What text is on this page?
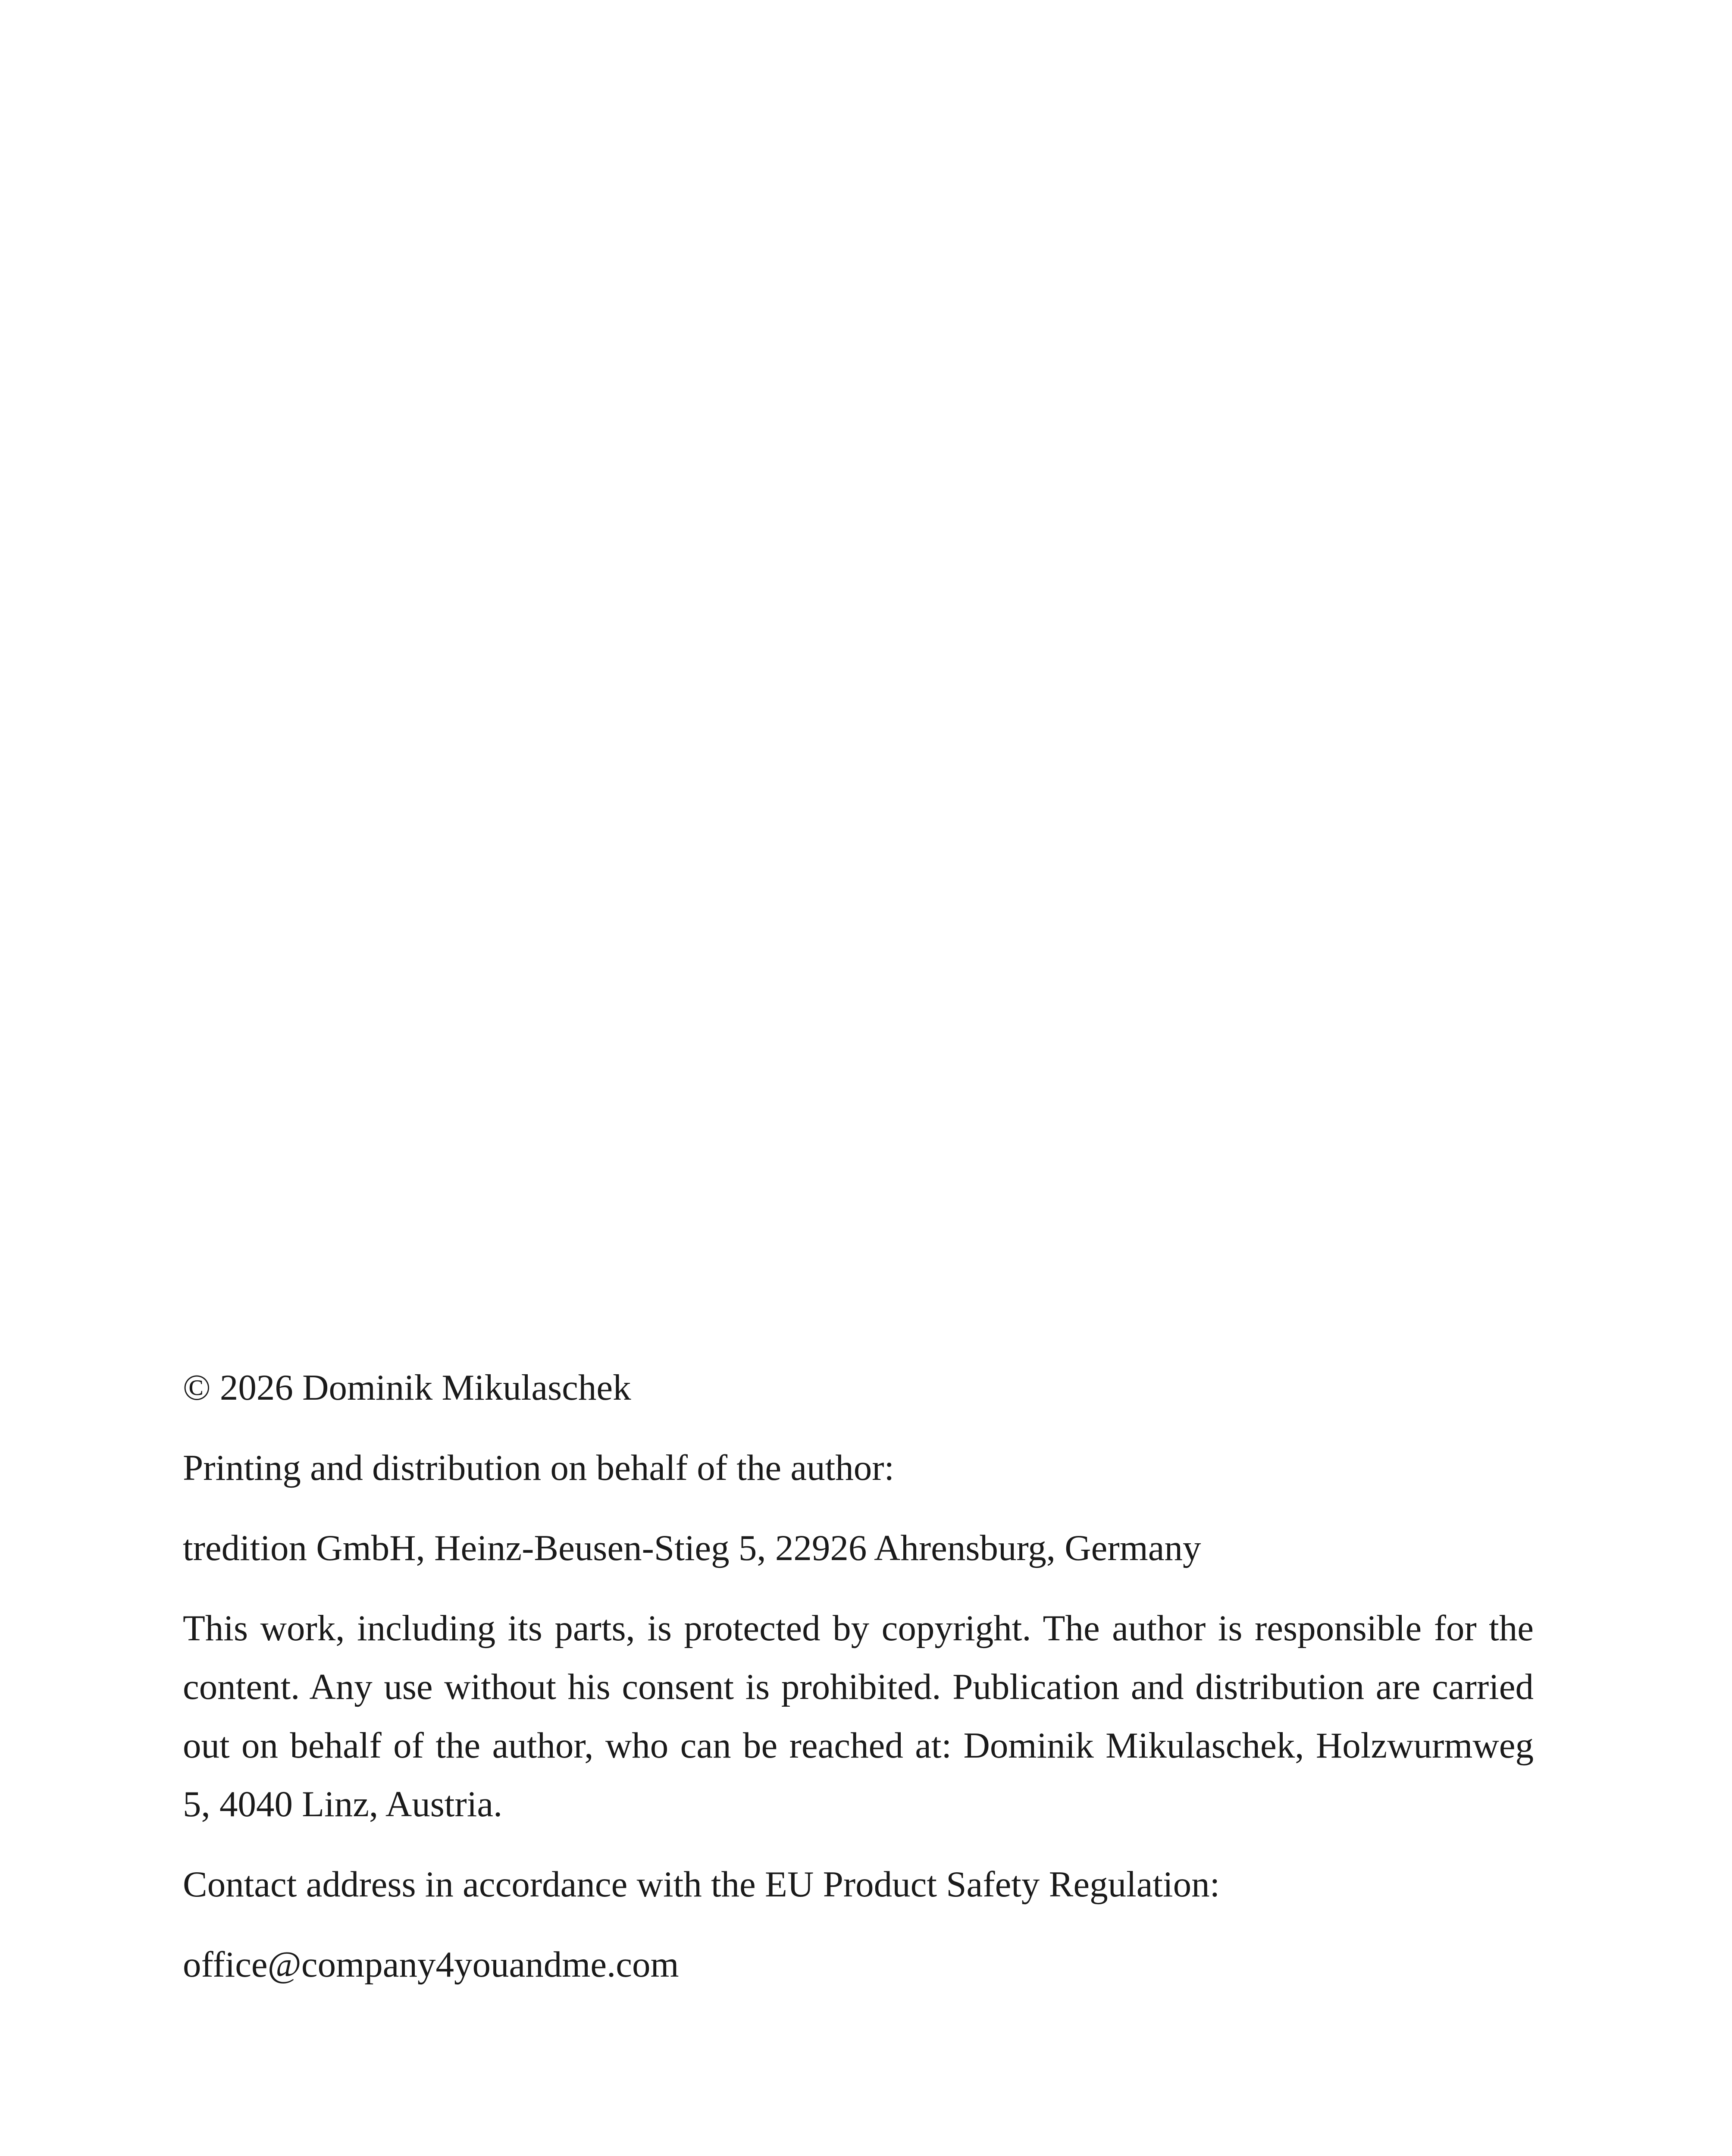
© 2026 Dominik Mikulaschek

Printing and distribution on behalf of the author:

tredition GmbH, Heinz-Beusen-Stieg 5, 22926 Ahrensburg, Germany

This work, including its parts, is protected by copyright. The author is responsible for the content. Any use without his consent is prohibited. Publication and distribution are carried out on behalf of the author, who can be reached at: Dominik Mikulaschek, Holzwurmweg 5, 4040 Linz, Austria.

Contact address in accordance with the EU Product Safety Regulation:

office@company4youandme.com
